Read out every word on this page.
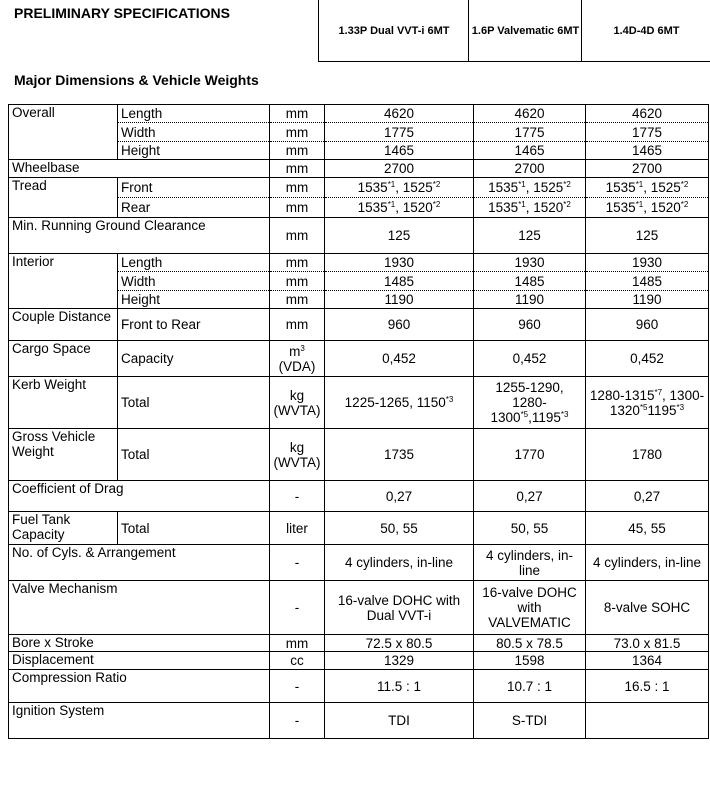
PRELIMINARY SPECIFICATIONS
1.33P Dual VVT-i 6MT	1.6P Valvematic 6MT	1.4D-4D 6MT
Major Dimensions & Vehicle Weights
Overall	Length	mm	4620	4620	4620
	Width	mm	1775	1775	1775
	Height	mm	1465	1465	1465
Wheelbase		mm	2700	2700	2700
Tread	Front	mm	1535$^{*1}$, 1525$^{*2}$	1535$^{*1}$, 1525$^{*2}$	1535$^{*1}$, 1525$^{*2}$
	Rear	mm	1535$^{*1}$, 1520$^{*2}$	1535$^{*1}$, 1520$^{*2}$	1535$^{*1}$, 1520$^{*2}$
Min. Running Ground Clearance		mm	125	125	125
Interior	Length	mm	1930	1930	1930
	Width	mm	1485	1485	1485
	Height	mm	1190	1190	1190
Couple Distance	Front to Rear	mm	960	960	960
Cargo Space	Capacity	$m^3$ (VDA)	0,452	0,452	0,452
Kerb Weight	Total	kg (WVTA)	1225-1265, 1150$^{*3}$	1255-1290, 1280-1300$^{*5}$,1195$^{*3}$	1280-1315$^{*7}$, 1300-1320$^{*5}$1195$^{*3}$
Gross Vehicle Weight	Total	kg (WVTA)	1735	1770	1780
Coefficient of Drag		-	0,27	0,27	0,27
Fuel Tank Capacity	Total	liter	50, 55	50, 55	45, 55
No. of Cyls. & Arrangement		-	4 cylinders, in-line	4 cylinders, in-line	4 cylinders, in-line
Valve Mechanism		-	16-valve DOHC with Dual VVT-i	16-valve DOHC with VALVEMATIC	8-valve SOHC
Bore x Stroke		mm	72.5 x 80.5	80.5 x 78.5	73.0 x 81.5
Displacement		cc	1329	1598	1364
Compression Ratio		-	11.5 : 1	10.7 : 1	16.5 : 1
Ignition System		-	TDI	S-TDI	
